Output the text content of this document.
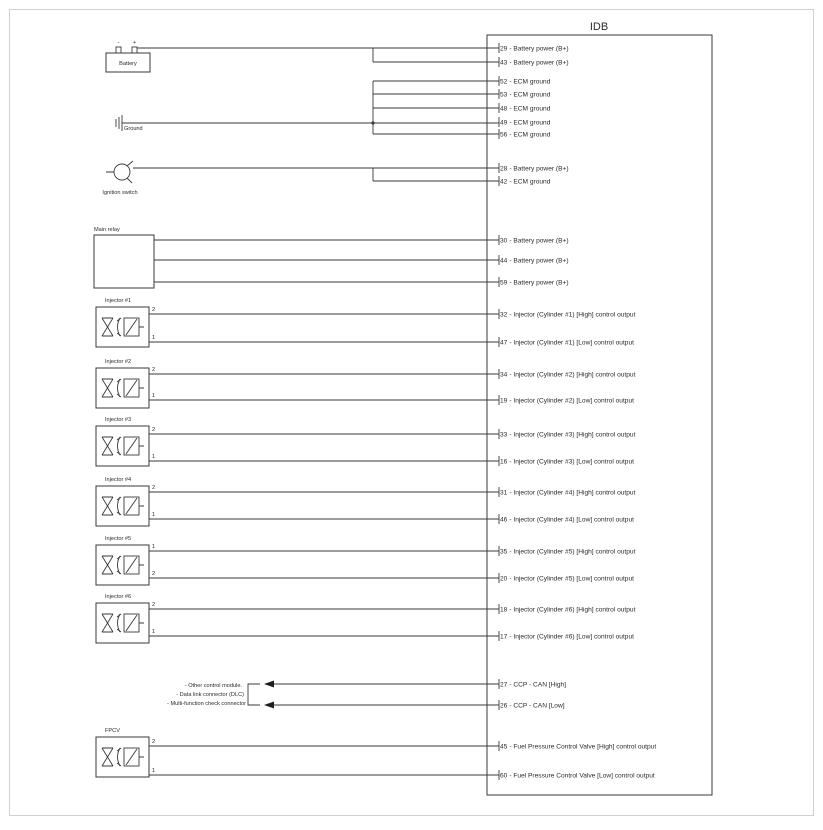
IDB
29 - Battery power (B+)
43 - Battery power (B+)
52 - ECM ground
53 - ECM ground
48 - ECM ground
49 - ECM ground
56 - ECM ground
28 - Battery power (B+)
42 - ECM ground
30 - Battery power (B+)
44 - Battery power (B+)
59 - Battery power (B+)
32 - Injector (Cylinder #1) [High] control output
47 - Injector (Cylinder #1) [Low] control output
34 - Injector (Cylinder #2) [High] control output
19 - Injector (Cylinder #2) [Low] control output
33 - Injector (Cylinder #3) [High] control output
16 - Injector (Cylinder #3) [Low] control output
31 - Injector (Cylinder #4) [High] control output
46 - Injector (Cylinder #4) [Low] control output
35 - Injector (Cylinder #5) [High] control output
20 - Injector (Cylinder #5) [Low] control output
18 - Injector (Cylinder #6) [High] control output
17 - Injector (Cylinder #6) [Low] control output
27 - CCP - CAN [High]
26 - CCP - CAN [Low]
45 - Fuel Pressure Control Valve [High] control output
60 - Fuel Pressure Control Valve [Low] control output
- +
Battery
Ground
Ignition switch
Main relay
Injector #1
2
1
Injector #2
2
1
Injector #3
2
1
Injector #4
2
1
Injector #5
1
2
Injector #6
2
1
FPCV
2
1
- Other control module.
- Data link connector (DLC)
- Multi-function check connector
